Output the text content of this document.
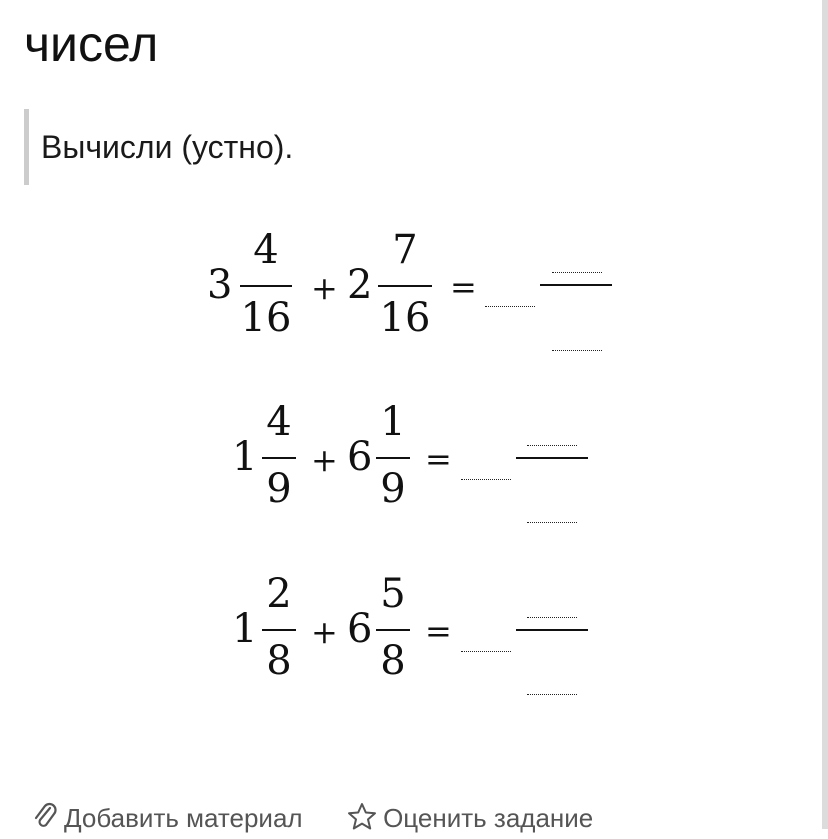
чисел
Вычисли (устно).
3
4
16
+ 2
7
16
=
1
4
9
+ 6
1
9
=
1
2
8
+ 6
5
8
=
Добавить материал	Оценить задание
